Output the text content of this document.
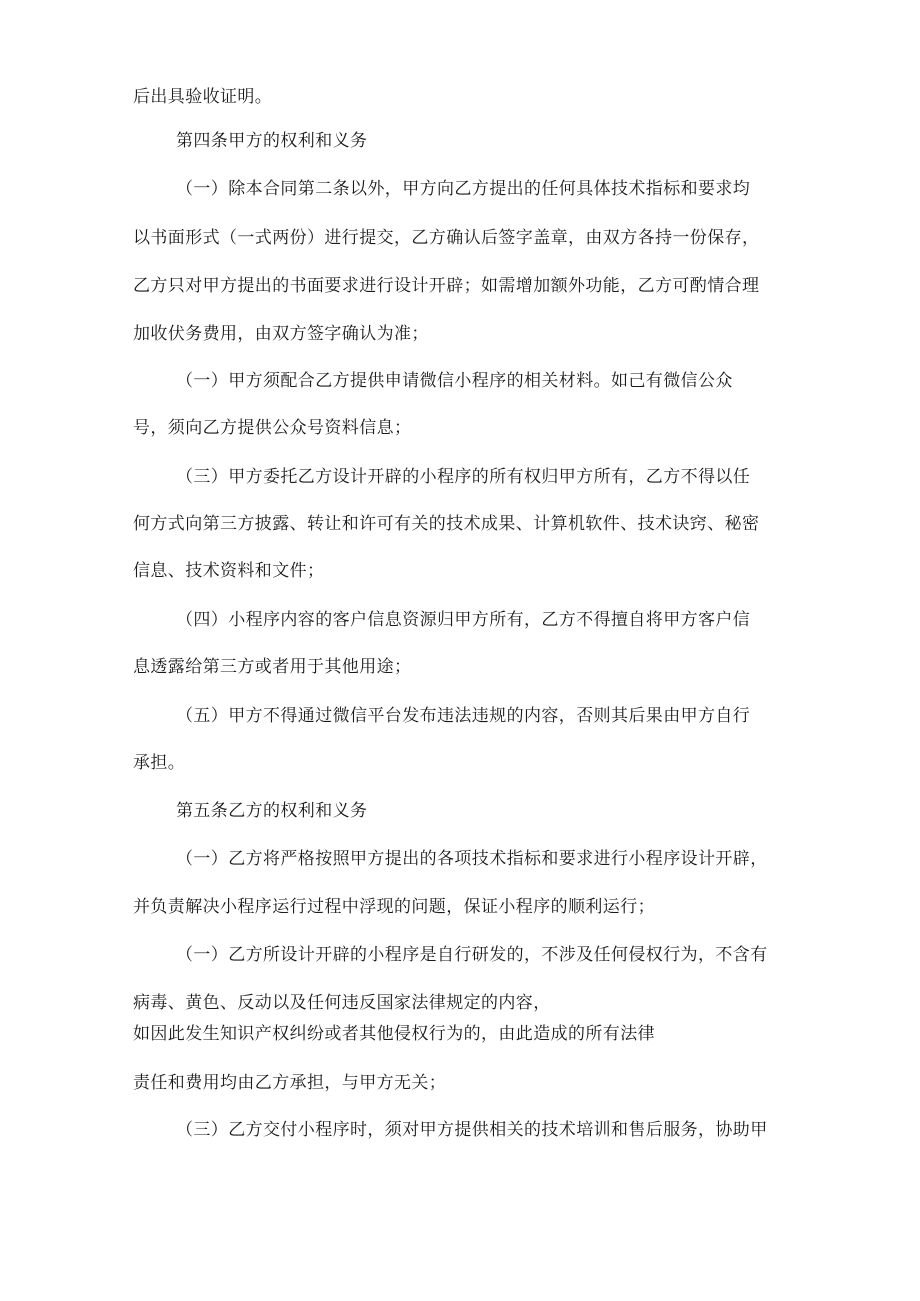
后出具验收证明。
第四条甲方的权利和义务
（一）除本合同第二条以外，甲方向乙方提出的任何具体技术指标和要求均
以书面形式（一式两份）进行提交，乙方确认后签字盖章，由双方各持一份保存，
乙方只对甲方提出的书面要求进行设计开辟；如需增加额外功能，乙方可酌情合理
加收伏务费用，由双方签字确认为准；
（一）甲方须配合乙方提供申请微信小程序的相关材料。如己有微信公众
号，须向乙方提供公众号资料信息；
（三）甲方委托乙方设计开辟的小程序的所有权归甲方所有，乙方不得以任
何方式向第三方披露、转让和许可有关的技术成果、计算机软件、技术诀窍、秘密
信息、技术资料和文件；
（四）小程序内容的客户信息资源归甲方所有，乙方不得擅自将甲方客户信
息透露给第三方或者用于其他用途；
（五）甲方不得通过微信平台发布违法违规的内容，否则其后果由甲方自行
承担。
第五条乙方的权利和义务
（一）乙方将严格按照甲方提出的各项技术指标和要求进行小程序设计开辟，
并负责解决小程序运行过程中浮现的问题，保证小程序的顺利运行；
（一）乙方所设计开辟的小程序是自行研发的，不涉及任何侵权行为，不含有
病毒、黄色、反动以及任何违反国家法律规定的内容，
如因此发生知识产权纠纷或者其他侵权行为的，由此造成的所有法律
责任和费用均由乙方承担，与甲方无关；
（三）乙方交付小程序时，须对甲方提供相关的技术培训和售后服务，协助甲
